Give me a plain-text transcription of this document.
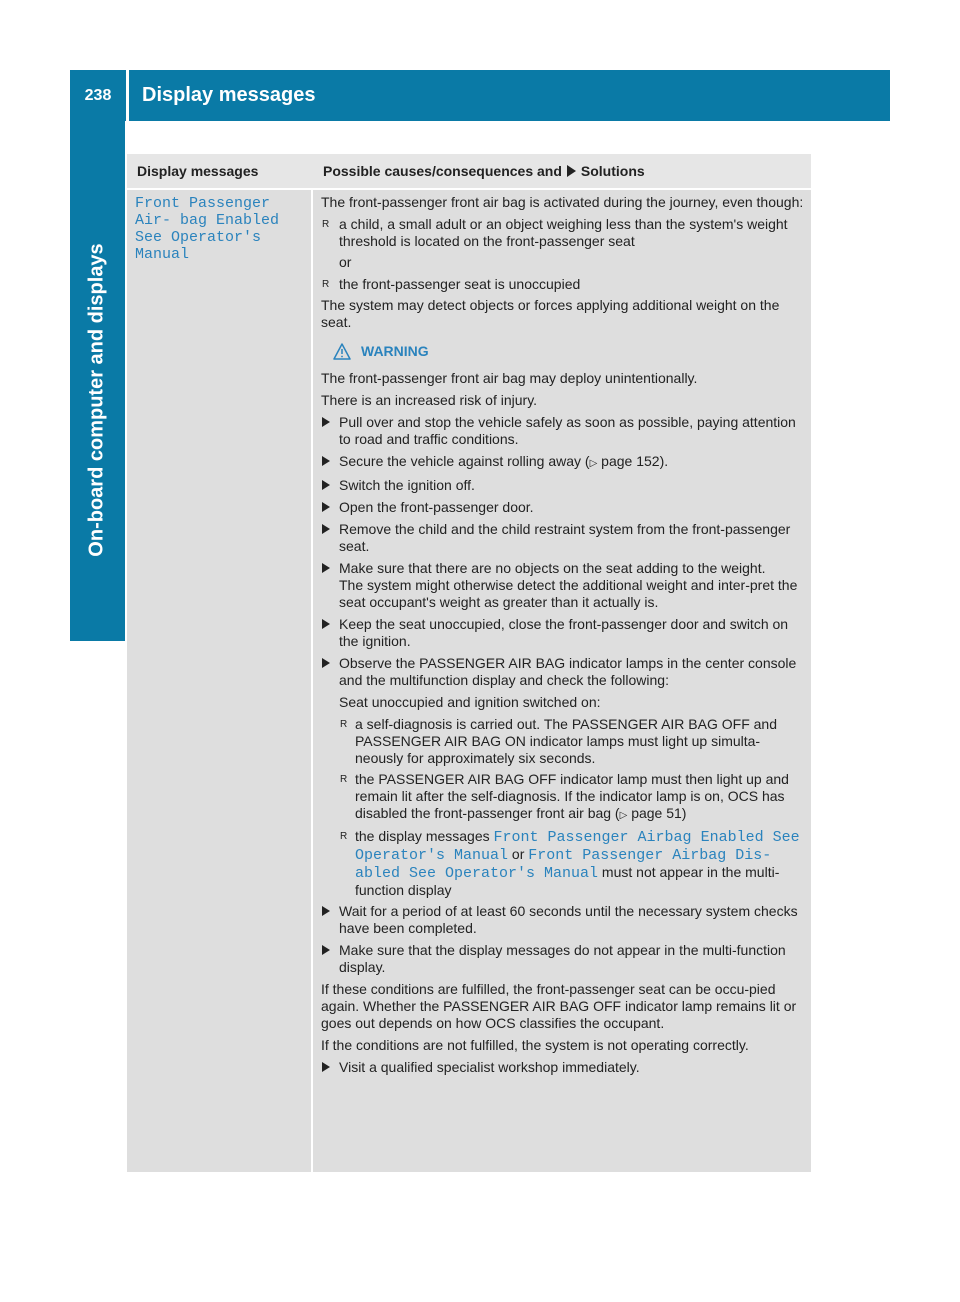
238	Display messages
On-board computer and displays
Display messages	Possible causes/consequences and Solutions
Front Passenger Air‐ bag Enabled See Operator's Manual

The front-passenger front air bag is activated during the journey, even though:

R a child, a small adult or an object weighing less than the system's weight threshold is located on the front-passenger seat

or

R the front-passenger seat is unoccupied

The system may detect objects or forces applying additional weight on the seat.

WARNING

The front-passenger front air bag may deploy unintentionally.

There is an increased risk of injury.

Pull over and stop the vehicle safely as soon as possible, paying attention to road and traffic conditions.
Secure the vehicle against rolling away (▷ page 152).
Switch the ignition off.
Open the front-passenger door.
Remove the child and the child restraint system from the front-passenger seat.
Make sure that there are no objects on the seat adding to the weight.
The system might otherwise detect the additional weight and inter-pret the seat occupant's weight as greater than it actually is.
Keep the seat unoccupied, close the front-passenger door and switch on the ignition.
Observe the PASSENGER AIR BAG indicator lamps in the center console and the multifunction display and check the following:

Seat unoccupied and ignition switched on:

R a self-diagnosis is carried out. The PASSENGER AIR BAG OFF and PASSENGER AIR BAG ON indicator lamps must light up simulta-neously for approximately six seconds.
R the PASSENGER AIR BAG OFF indicator lamp must then light up and remain lit after the self-diagnosis. If the indicator lamp is on, OCS has disabled the front-passenger front air bag (▷ page 51)
R the display messages Front Passenger Airbag Enabled See Operator's Manual or Front Passenger Airbag Dis‐ abled See Operator's Manual must not appear in the multi-function display
Wait for a period of at least 60 seconds until the necessary system checks have been completed.
Make sure that the display messages do not appear in the multi-function display.

If these conditions are fulfilled, the front-passenger seat can be occu-pied again. Whether the PASSENGER AIR BAG OFF indicator lamp remains lit or goes out depends on how OCS classifies the occupant.

If the conditions are not fulfilled, the system is not operating correctly.

Visit a qualified specialist workshop immediately.
